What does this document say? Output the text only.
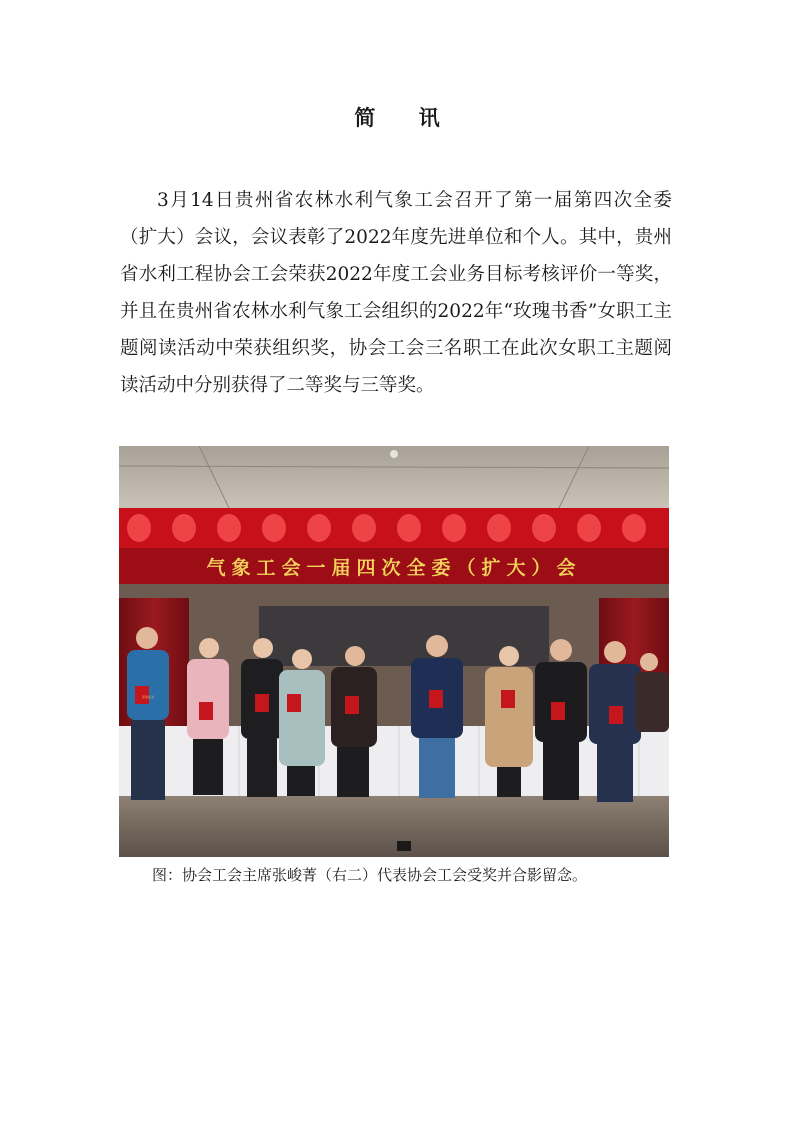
简 讯

3月14日贵州省农林水利气象工会召开了第一届第四次全委（扩大）会议，会议表彰了2022年度先进单位和个人。其中，贵州省水利工程协会工会荣获2022年度工会业务目标考核评价一等奖，并且在贵州省农林水利气象工会组织的2022年“玫瑰书香”女职工主题阅读活动中荣获组织奖，协会工会三名职工在此次女职工主题阅读活动中分别获得了二等奖与三等奖。

气象工会一届四次全委（扩大）会
荣誉证书
图：协会工会主席张峻菁（右二）代表协会工会受奖并合影留念。
